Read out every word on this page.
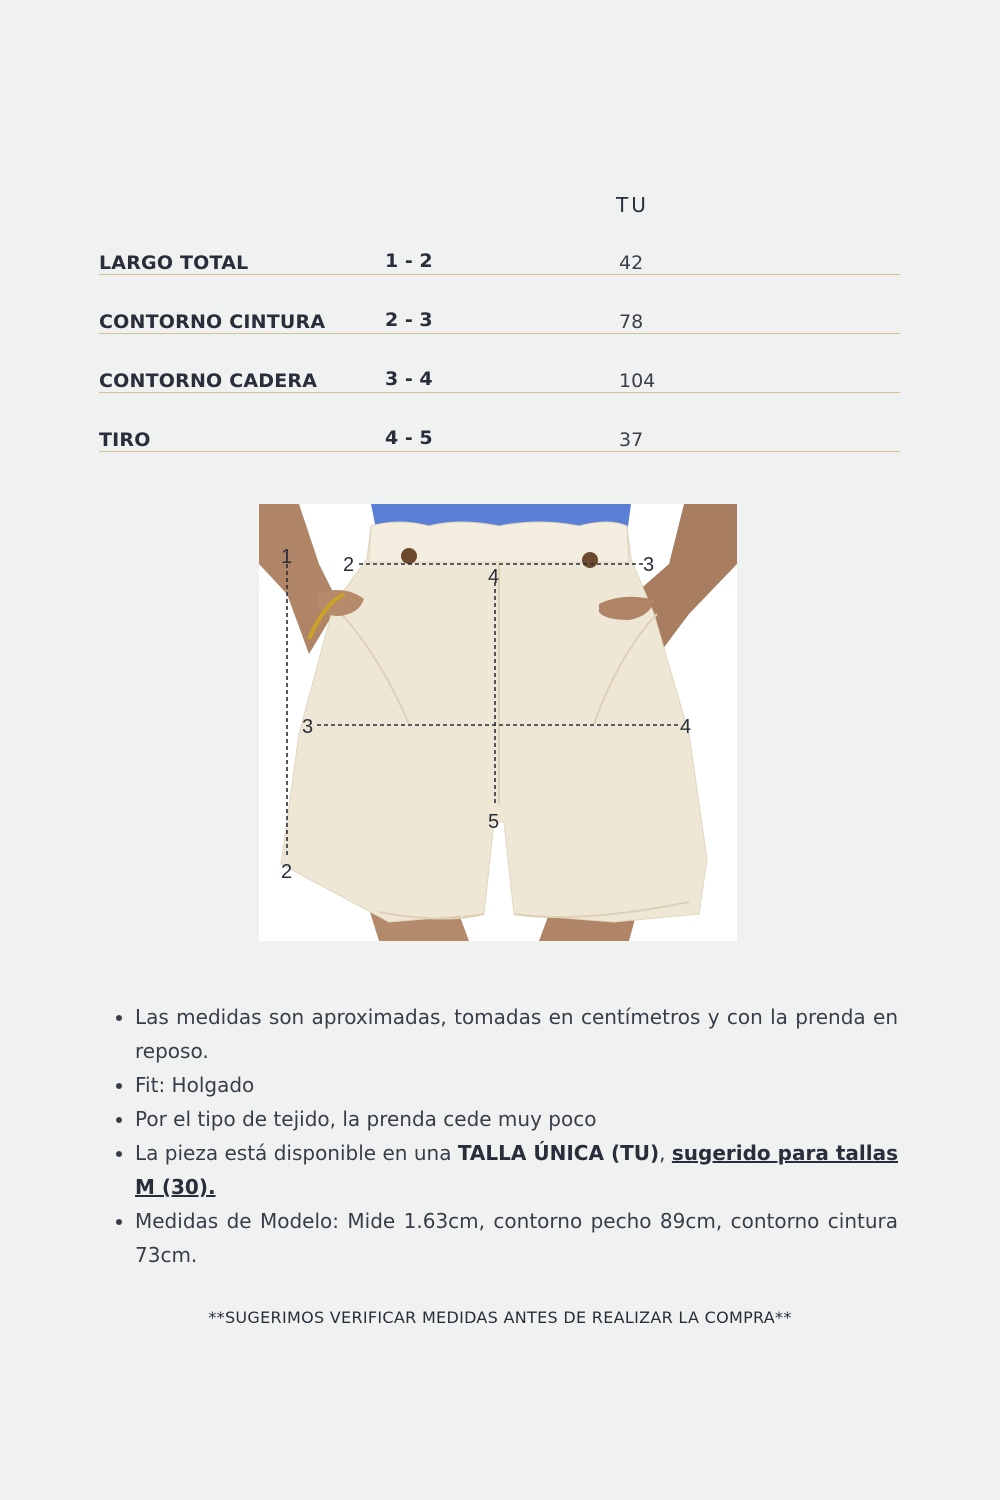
TU
LARGO TOTAL	1 - 2	42
CONTORNO CINTURA	2 - 3	78
CONTORNO CADERA	3 - 4	104
TIRO	4 - 5	37
1
2
2	3
3	4
4
5
• Las medidas son aproximadas, tomadas en centímetros y con la prenda en reposo.
• Fit: Holgado
• Por el tipo de tejido, la prenda cede muy poco
• La pieza está disponible en una TALLA ÚNICA (TU), sugerido para tallas M (30).
• Medidas de Modelo: Mide 1.63cm, contorno pecho 89cm, contorno cintura 73cm.
**SUGERIMOS VERIFICAR MEDIDAS ANTES DE REALIZAR LA COMPRA**
